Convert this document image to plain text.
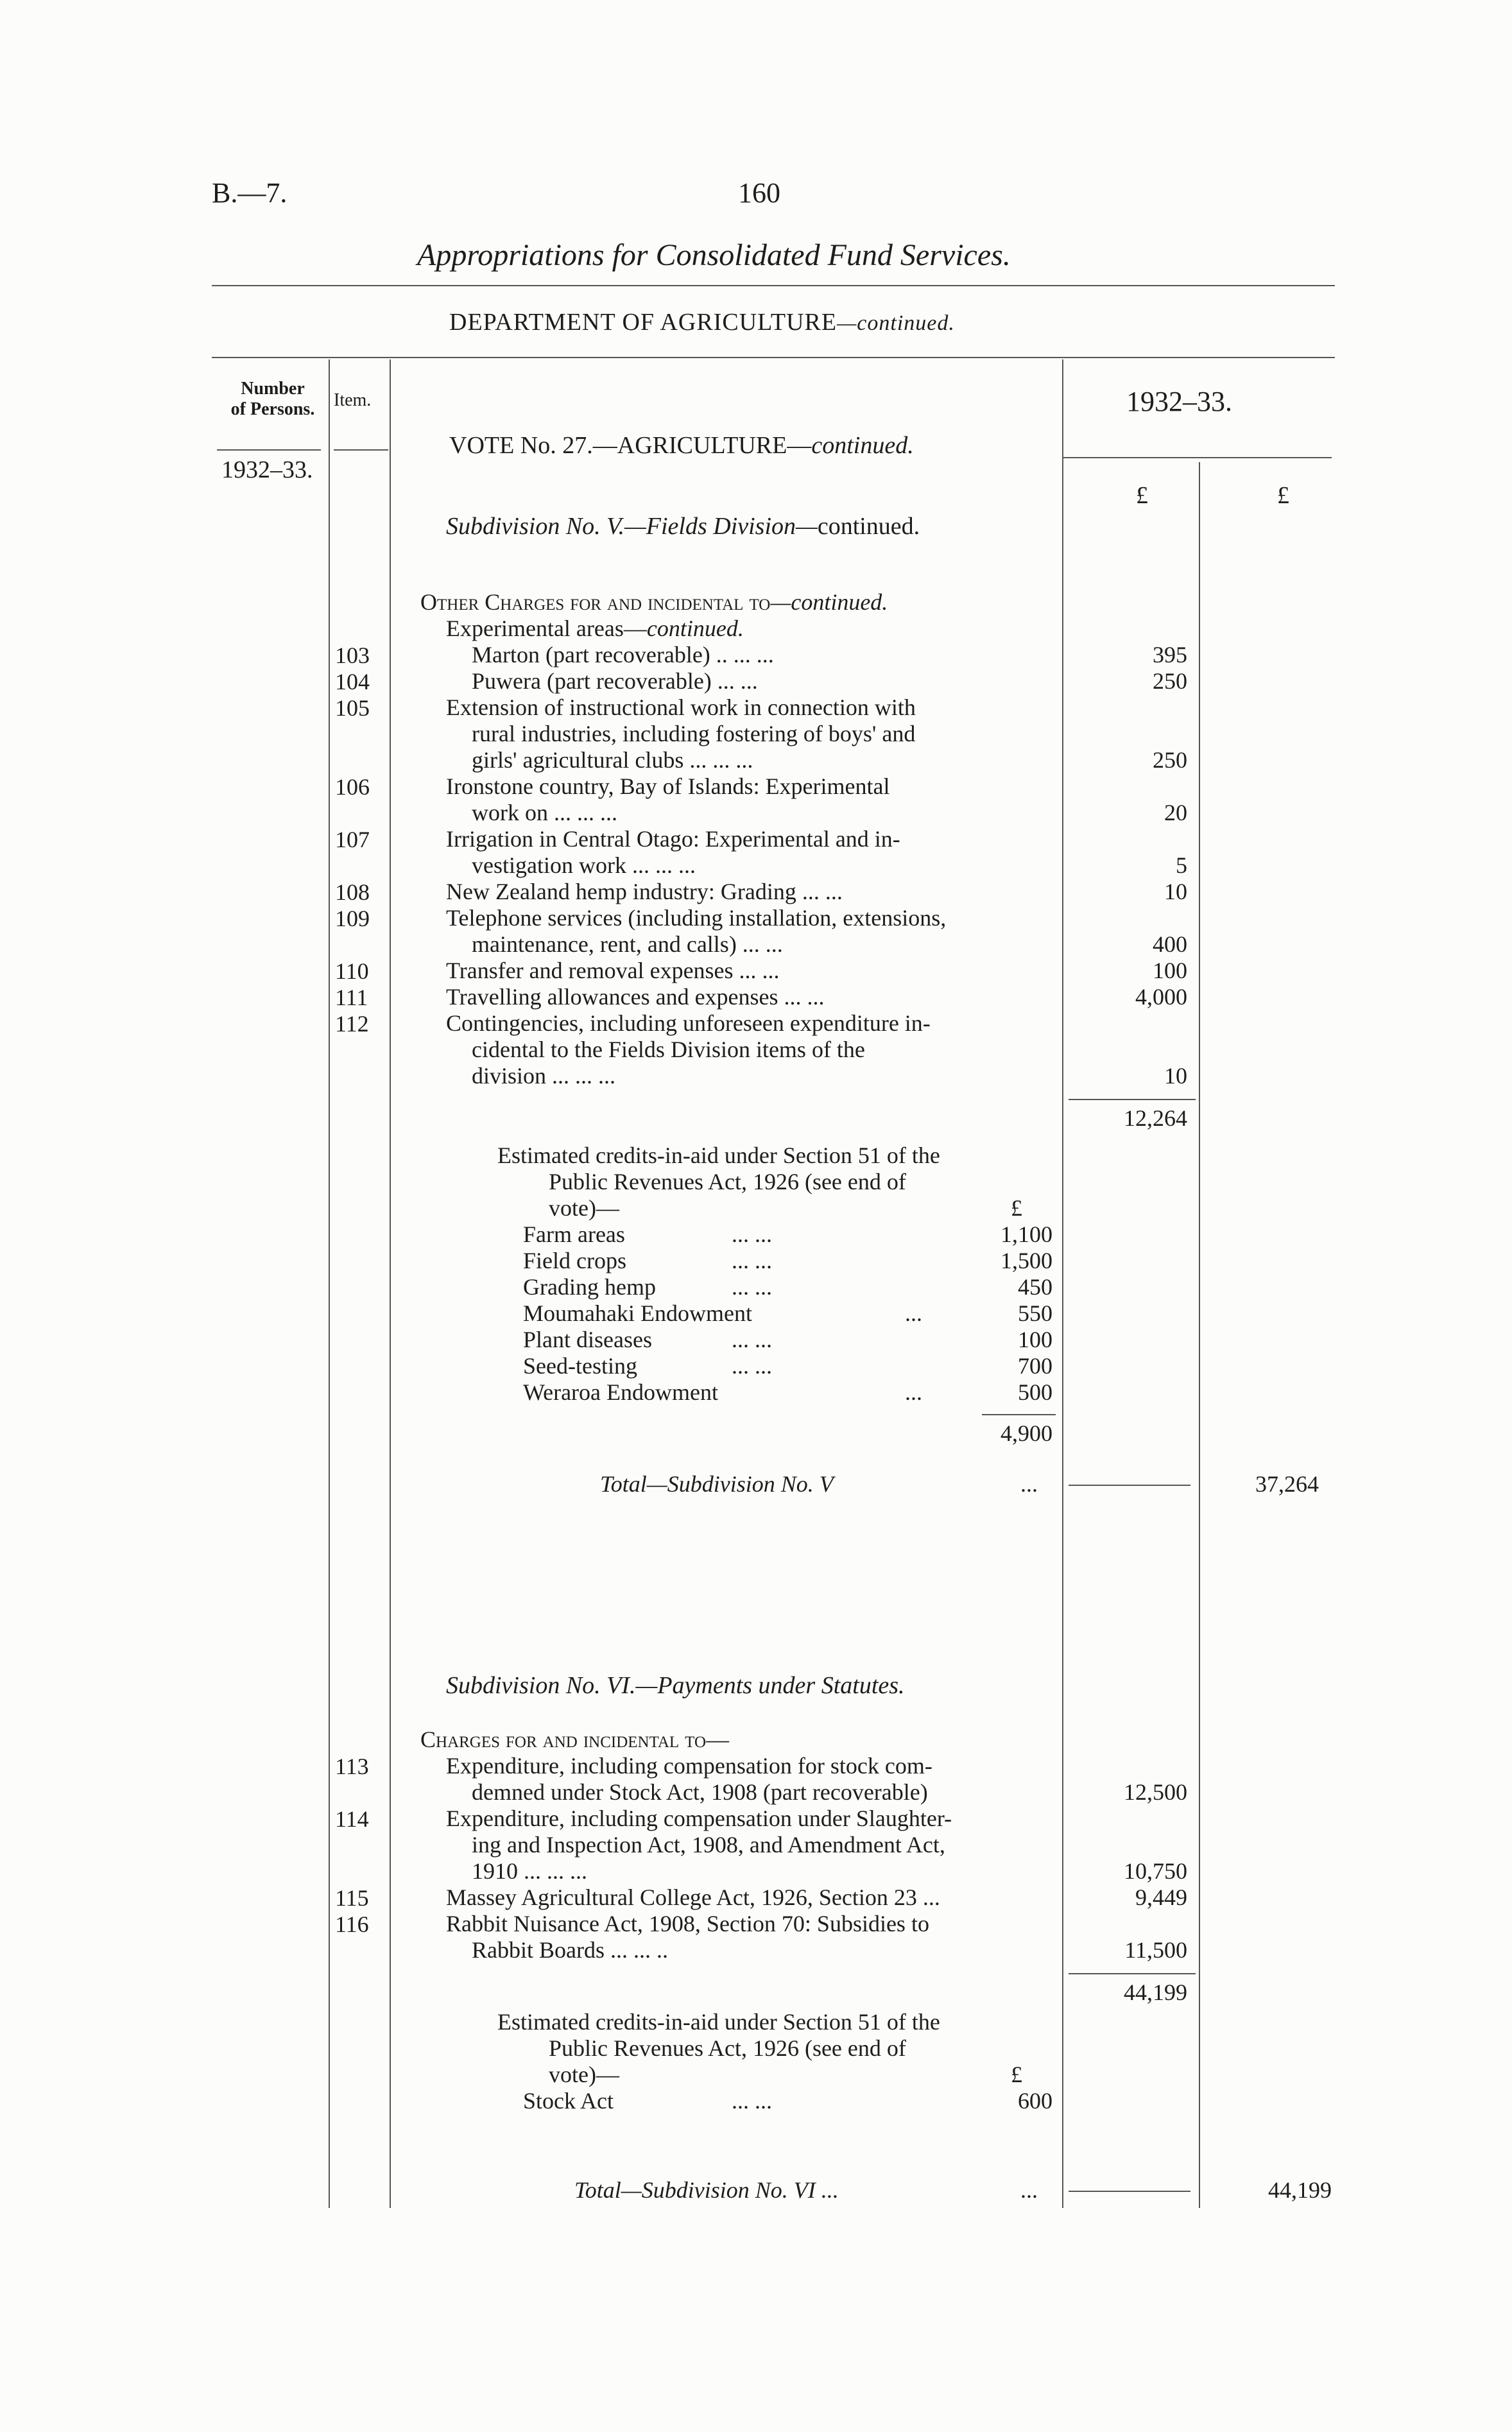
B.—7.	160
Appropriations for Consolidated Fund Services.
DEPARTMENT OF AGRICULTURE—continued.
Number
of Persons.	Item.	1932–33.
1932–33.
£	£
VOTE No. 27.—AGRICULTURE—continued.
Subdivision No. V.—Fields Division—continued.
Other Charges for and incidental to—continued.
Experimental areas—continued.
103	Marton (part recoverable) .. ... ...	395
104	Puwera (part recoverable) ... ...	250
105	Extension of instructional work in connection with
rural industries, including fostering of boys' and
girls' agricultural clubs ... ... ...	250
106	Ironstone country, Bay of Islands: Experimental
work on ... ... ...	20
107	Irrigation in Central Otago: Experimental and in-
vestigation work ... ... ...	5
108	New Zealand hemp industry: Grading ... ...	10
109	Telephone services (including installation, extensions,
maintenance, rent, and calls) ... ...	400
110	Transfer and removal expenses ... ...	100
111	Travelling allowances and expenses ... ...	4,000
112	Contingencies, including unforeseen expenditure in-
cidental to the Fields Division items of the
division ... ... ...	10
12,264
Estimated credits-in-aid under Section 51 of the
Public Revenues Act, 1926 (see end of
vote)—	£
Farm areas	... ...	1,100
Field crops	... ...	1,500
Grading hemp	... ...	450
Moumahaki Endowment	...	550
Plant diseases	... ...	100
Seed-testing	... ...	700
Weraroa Endowment	...	500
4,900
Total—Subdivision No. V	...	37,264
Subdivision No. VI.—Payments under Statutes.
Charges for and incidental to—
113	Expenditure, including compensation for stock com-
demned under Stock Act, 1908 (part recoverable)	12,500
114	Expenditure, including compensation under Slaughter-
ing and Inspection Act, 1908, and Amendment Act,
1910 ... ... ...	10,750
115	Massey Agricultural College Act, 1926, Section 23 ...	9,449
116	Rabbit Nuisance Act, 1908, Section 70: Subsidies to
Rabbit Boards ... ... ..	11,500
44,199
Estimated credits-in-aid under Section 51 of the
Public Revenues Act, 1926 (see end of
vote)—	£
Stock Act	... ...	600
Total—Subdivision No. VI ...	...	44,199
